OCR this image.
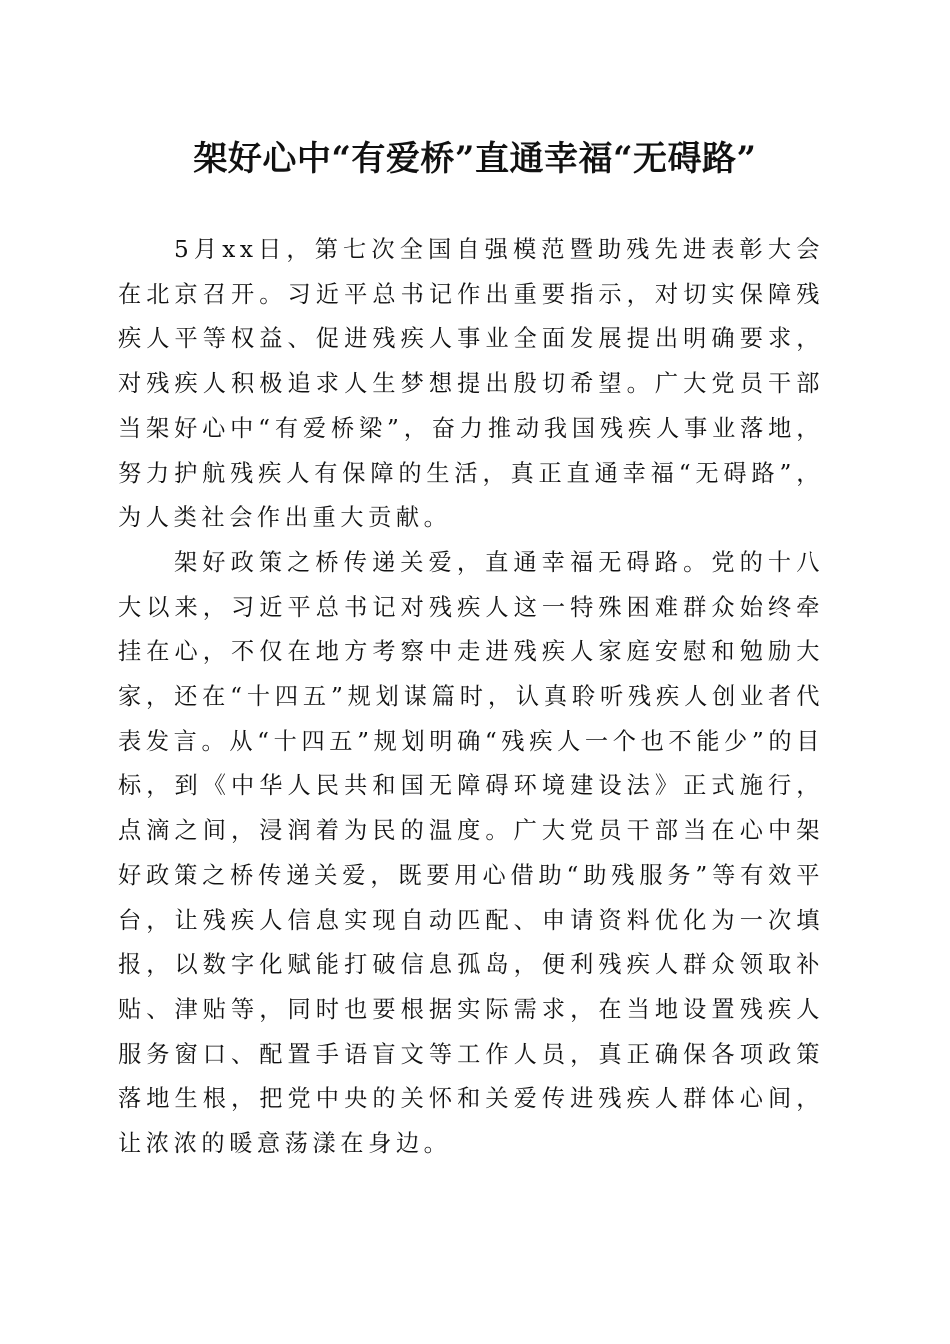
架好心中“有爱桥”直通幸福“无碍路”

5月xx日，第七次全国自强模范暨助残先进表彰大会在北京召开。习近平总书记作出重要指示，对切实保障残疾人平等权益、促进残疾人事业全面发展提出明确要求，对残疾人积极追求人生梦想提出殷切希望。广大党员干部当架好心中“有爱桥梁”，奋力推动我国残疾人事业落地，努力护航残疾人有保障的生活，真正直通幸福“无碍路”，为人类社会作出重大贡献。

架好政策之桥传递关爱，直通幸福无碍路。党的十八大以来，习近平总书记对残疾人这一特殊困难群众始终牵挂在心，不仅在地方考察中走进残疾人家庭安慰和勉励大家，还在“十四五”规划谋篇时，认真聆听残疾人创业者代表发言。从“十四五”规划明确“残疾人一个也不能少”的目标，到《中华人民共和国无障碍环境建设法》正式施行，点滴之间，浸润着为民的温度。广大党员干部当在心中架好政策之桥传递关爱，既要用心借助“助残服务”等有效平台，让残疾人信息实现自动匹配、申请资料优化为一次填报，以数字化赋能打破信息孤岛，便利残疾人群众领取补贴、津贴等，同时也要根据实际需求，在当地设置残疾人服务窗口、配置手语盲文等工作人员，真正确保各项政策落地生根，把党中央的关怀和关爱传进残疾人群体心间，让浓浓的暖意荡漾在身边。
